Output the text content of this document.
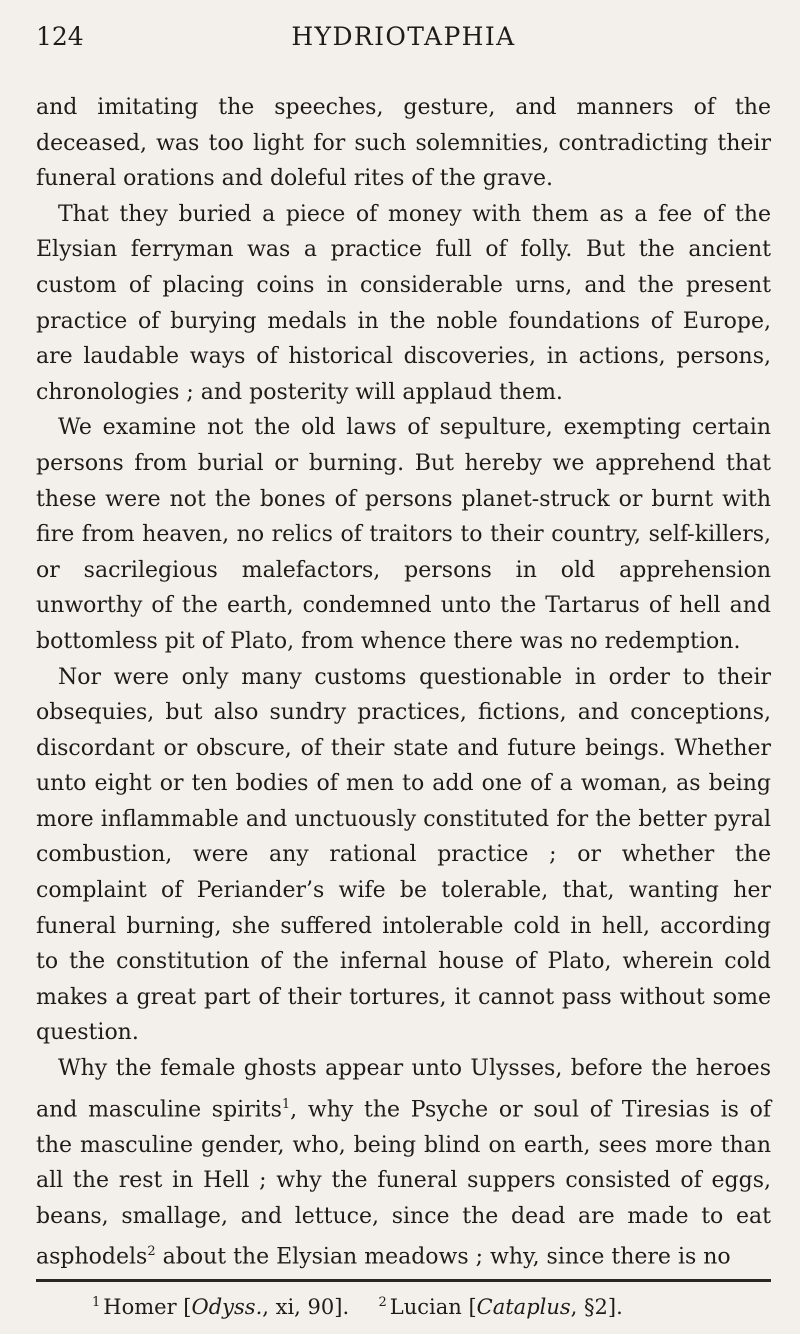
124	HYDRIOTAPHIA

and imitating the speeches, gesture, and manners of the deceased, was too light for such solemnities, contradicting their funeral orations and doleful rites of the grave.

That they buried a piece of money with them as a fee of the Elysian ferryman was a practice full of folly. But the ancient custom of placing coins in considerable urns, and the present practice of burying medals in the noble foundations of Europe, are laudable ways of historical discoveries, in actions, persons, chronologies ; and posterity will applaud them.

We examine not the old laws of sepulture, exempting certain persons from burial or burning. But hereby we apprehend that these were not the bones of persons planet-struck or burnt with fire from heaven, no relics of traitors to their country, self-killers, or sacrilegious malefactors, persons in old apprehension unworthy of the earth, condemned unto the Tartarus of hell and bottomless pit of Plato, from whence there was no redemption.

Nor were only many customs questionable in order to their obsequies, but also sundry practices, fictions, and conceptions, discordant or obscure, of their state and future beings. Whether unto eight or ten bodies of men to add one of a woman, as being more inflammable and unctuously constituted for the better pyral combustion, were any rational practice ; or whether the complaint of Periander’s wife be tolerable, that, wanting her funeral burning, she suffered intolerable cold in hell, according to the constitution of the infernal house of Plato, wherein cold makes a great part of their tortures, it cannot pass without some question.

Why the female ghosts appear unto Ulysses, before the heroes and masculine spirits$^1$, why the Psyche or soul of Tiresias is of the masculine gender, who, being blind on earth, sees more than all the rest in Hell ; why the funeral suppers consisted of eggs, beans, smallage, and lettuce, since the dead are made to eat asphodels$^2$ about the Elysian meadows ; why, since there is no

$^1$ Homer [Odyss., xi, 90]. $^2$ Lucian [Cataplus, §2].
